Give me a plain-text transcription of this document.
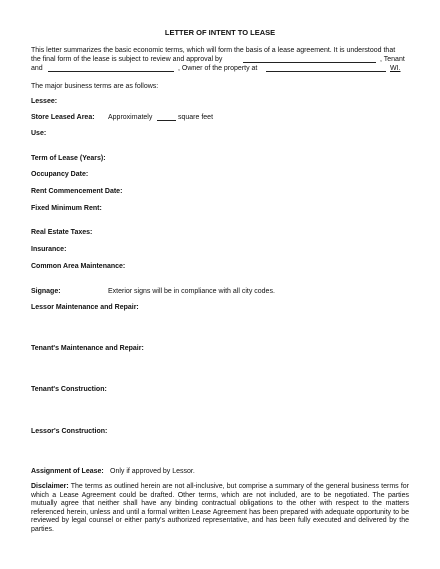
LETTER OF INTENT TO LEASE
This letter summarizes the basic economic terms, which will form the basis of a lease agreement. It is understood that
the final form of the lease is subject to review and approval by	, Tenant
and	, Owner of the property at	WI.
The major business terms are as follows:
Lessee:
Store Leased Area: Approximately	square feet
Use:
Term of Lease (Years):
Occupancy Date:
Rent Commencement Date:
Fixed Minimum Rent:
Real Estate Taxes:
Insurance:
Common Area Maintenance:
Signage:	Exterior signs will be in compliance with all city codes.
Lessor Maintenance and Repair:
Tenant's Maintenance and Repair:
Tenant's Construction:
Lessor's Construction:
Assignment of Lease: Only if approved by Lessor.
Disclaimer: The terms as outlined herein are not all-inclusive, but comprise a summary of the general business terms for which a Lease Agreement could be drafted. Other terms, which are not included, are to be negotiated. The parties mutually agree that neither shall have any binding contractual obligations to the other with respect to the matters referenced herein, unless and until a formal written Lease Agreement has been prepared with adequate opportunity to be reviewed by legal counsel or either party's authorized representative, and has been fully executed and delivered by the parties.
